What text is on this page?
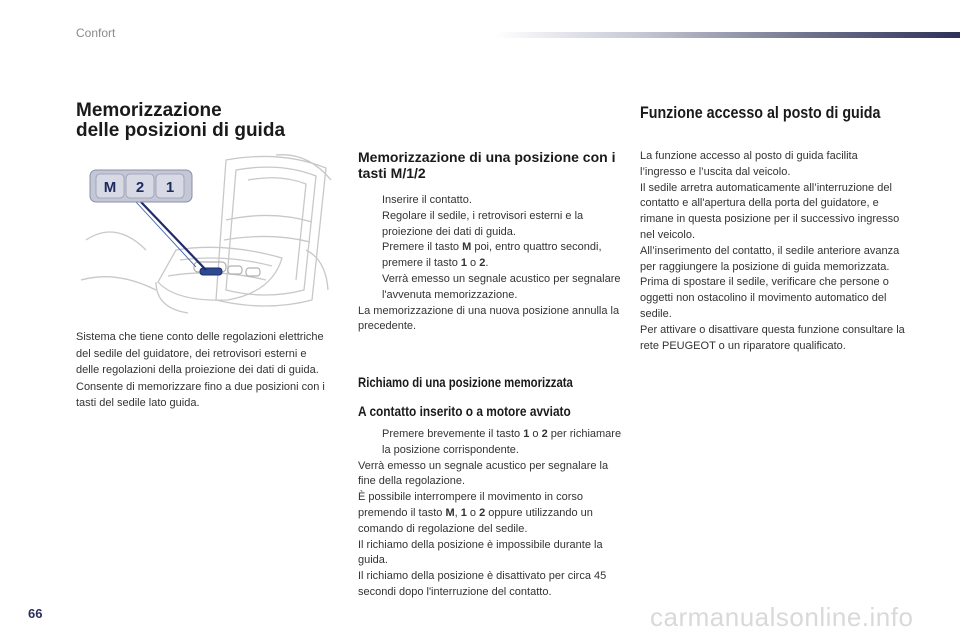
Confort
Memorizzazione
delle posizioni di guida
M 2 1

Sistema che tiene conto delle regolazioni elettriche del sedile del guidatore, dei retrovisori esterni e delle regolazioni della proiezione dei dati di guida. Consente di memorizzare fino a due posizioni con i tasti del sedile lato guida.

Memorizzazione di una posizione con i tasti M/1/2
Inserire il contatto.
Regolare il sedile, i retrovisori esterni e la proiezione dei dati di guida.
Premere il tasto M poi, entro quattro secondi, premere il tasto 1 o 2.
Verrà emesso un segnale acustico per segnalare l'avvenuta memorizzazione.

La memorizzazione di una nuova posizione annulla la precedente.

Richiamo di una posizione memorizzata
A contatto inserito o a motore avviato
Premere brevemente il tasto 1 o 2 per richiamare la posizione corrispondente.

Verrà emesso un segnale acustico per segnalare la fine della regolazione.

È possibile interrompere il movimento in corso premendo il tasto M, 1 o 2 oppure utilizzando un comando di regolazione del sedile.

Il richiamo della posizione è impossibile durante la guida.

Il richiamo della posizione è disattivato per circa 45 secondi dopo l'interruzione del contatto.

Funzione accesso al posto di guida
La funzione accesso al posto di guida facilita l’ingresso e l’uscita dal veicolo.
Il sedile arretra automaticamente all’interruzione del contatto e all'apertura della porta del guidatore, e rimane in questa posizione per il successivo ingresso nel veicolo.
All’inserimento del contatto, il sedile anteriore avanza per raggiungere la posizione di guida memorizzata.
Prima di spostare il sedile, verificare che persone o oggetti non ostacolino il movimento automatico del sedile.
Per attivare o disattivare questa funzione consultare la rete PEUGEOT o un riparatore qualificato.
66	carmanualsonline.info
